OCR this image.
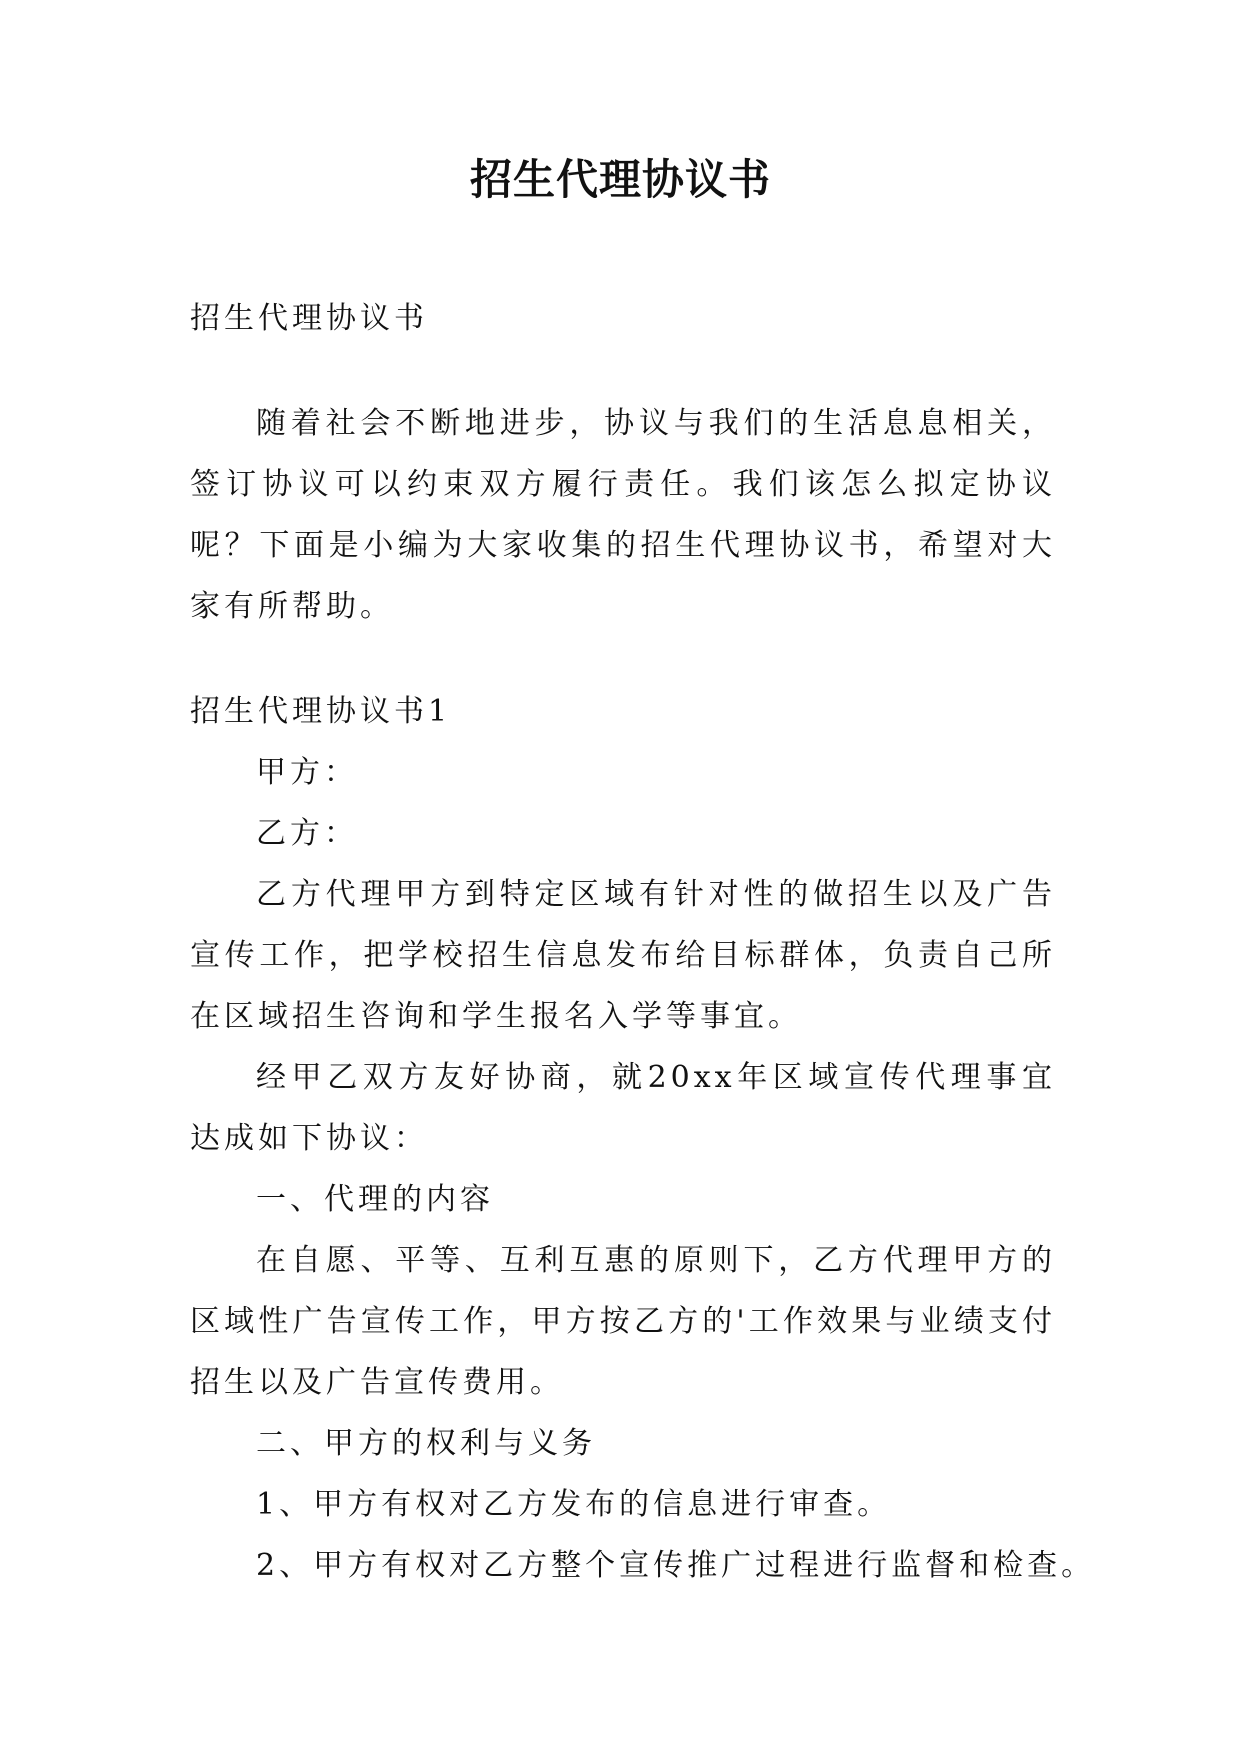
招生代理协议书

招生代理协议书

随着社会不断地进步，协议与我们的生活息息相关，签订协议可以约束双方履行责任。我们该怎么拟定协议呢？下面是小编为大家收集的招生代理协议书，希望对大家有所帮助。

招生代理协议书1

甲方：

乙方：

乙方代理甲方到特定区域有针对性的做招生以及广告宣传工作，把学校招生信息发布给目标群体，负责自己所在区域招生咨询和学生报名入学等事宜。

经甲乙双方友好协商，就20xx年区域宣传代理事宜达成如下协议：

一、代理的内容

在自愿、平等、互利互惠的原则下，乙方代理甲方的区域性广告宣传工作，甲方按乙方的'工作效果与业绩支付招生以及广告宣传费用。

二、甲方的权利与义务

1、甲方有权对乙方发布的信息进行审查。

2、甲方有权对乙方整个宣传推广过程进行监督和检查。
